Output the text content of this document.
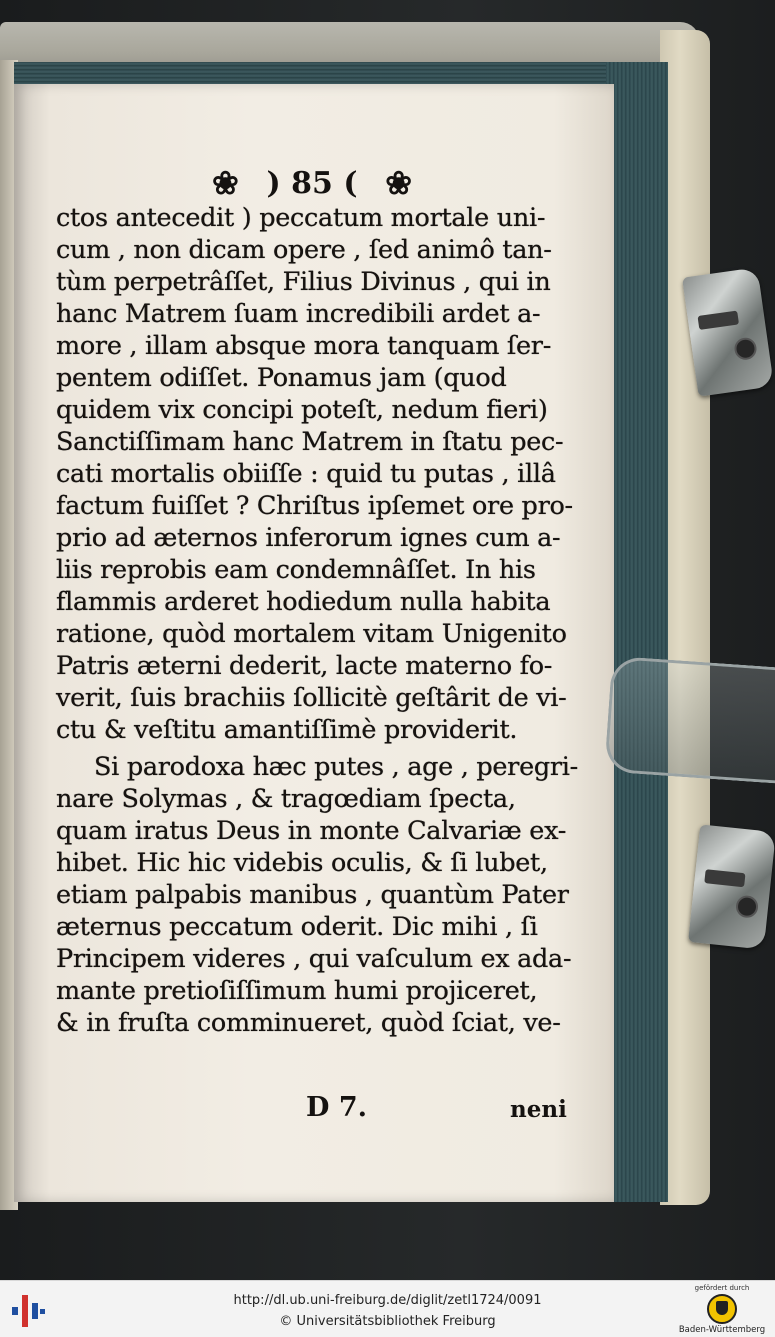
❀ ) 85 ( ❀
ctos antecedit ) peccatum mortale uni-
cum , non dicam opere , ſed animô tan-
tùm perpetrâſſet, Filius Divinus , qui in
hanc Matrem ſuam incredibili ardet a-
more , illam absque mora tanquam ſer-
pentem odiſſet. Ponamus jam (quod
quidem vix concipi poteſt, nedum fieri)
Sanctiſſimam hanc Matrem in ſtatu pec-
cati mortalis obiiſſe : quid tu putas , illâ
factum fuiſſet ? Chriſtus ipſemet ore pro-
prio ad æternos inferorum ignes cum a-
liis reprobis eam condemnâſſet. In his
flammis arderet hodiedum nulla habita
ratione, quòd mortalem vitam Unigenito
Patris æterni dederit, lacte materno fo-
verit, ſuis brachiis ſollicitè geſtârit de vi-
ctu & veſtitu amantiſſimè providerit.
Si parodoxa hæc putes , age , peregri-
nare Solymas , & tragœdiam ſpecta,
quam iratus Deus in monte Calvariæ ex-
hibet. Hic hic videbis oculis, & ſi lubet,
etiam palpabis manibus , quantùm Pater
æternus peccatum oderit. Dic mihi , ſi
Principem videres , qui vaſculum ex ada-
mante pretioſiſſimum humi projiceret,
& in fruſta comminueret, quòd ſciat, ve-
D 7.	neni
http://dl.ub.uni-freiburg.de/diglit/zetl1724/0091
© Universitätsbibliothek Freiburg
gefördert durch
Baden-Württemberg
